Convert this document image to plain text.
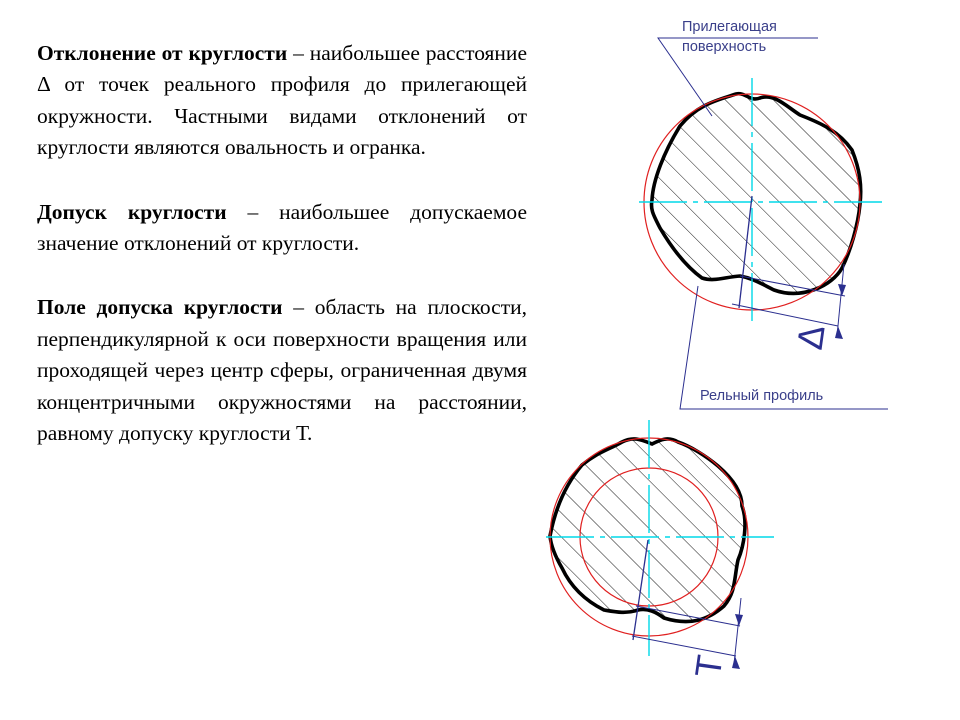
Отклонение от круглости – наибольшее расстояние Δ от точек реального профиля до прилегающей окружности. Частными видами отклонений от круглости являются овальность и огранка.

Допуск круглости – наибольшее допускаемое значение отклонений от круглости.

Поле допуска круглости – область на плоскости, перпендикулярной к оси поверхности вращения или проходящей через центр сферы, ограниченная двумя концентричными окружностями на расстоянии, равному допуску круглости Т.

Δ
Прилегающая
поверхность
Рельный профиль
Т
